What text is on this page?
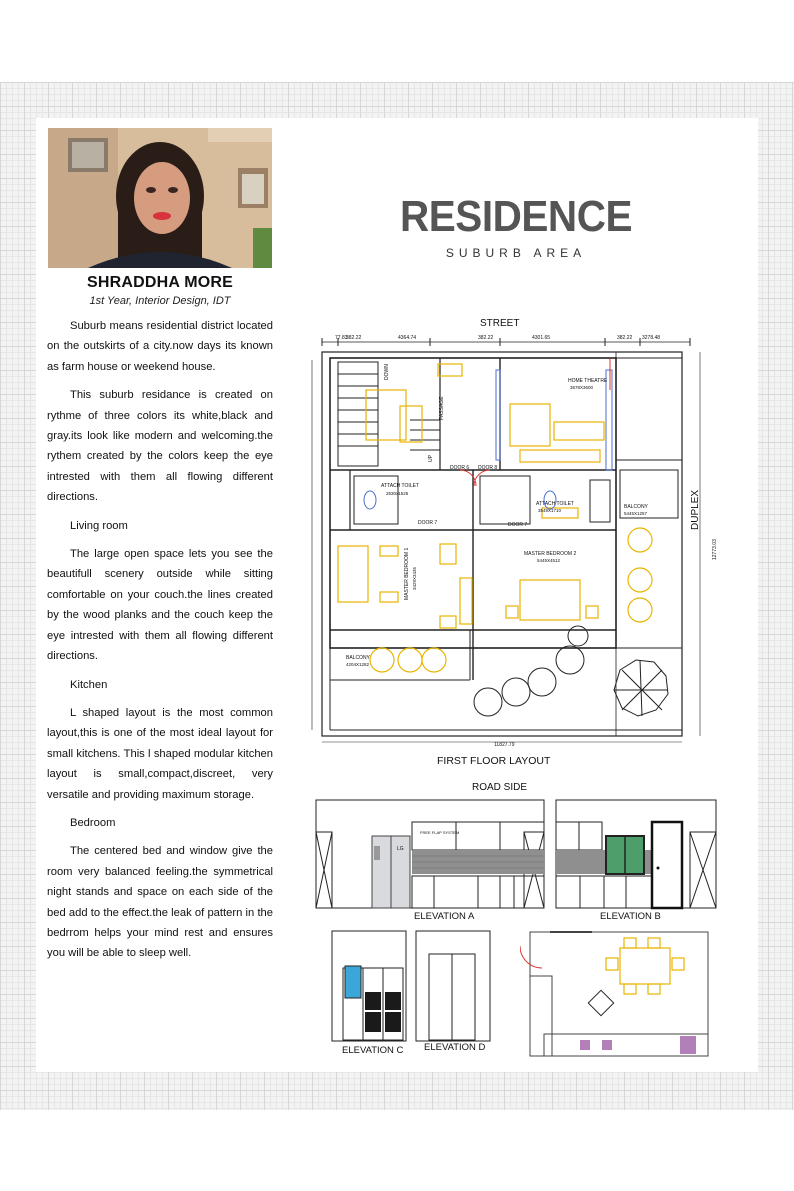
SHRADDHA MORE
1st Year, Interior Design, IDT

Suburb means residential district located on the outskirts of a city.now days its known as farm house or weekend house.

This suburb residance is created on rythme of three colors its white,black and gray.its look like modern and welcoming.the rythem created by the colors keep the eye intrested with them all flowing different directions.

Living room

The large open space lets you see the beautifull scenery outside while sitting comfortable on your couch.the lines created by the wood planks and the couch keep the eye intrested with them all flowing different directions.

Kitchen

L shaped layout is the most common layout,this is one of the most ideal layout for small kitchens. This l shaped modular kitchen layout is small,compact,discreet, very versatile and providing maximum storage.

Bedroom

The centered bed and window give the room very balanced feeling.the symmetrical night stands and space on each side of the bed add to the effect.the leak of pattern in the bedrrom helps your mind rest and ensures you will be able to sleep well.

RESIDENCE
SUBURB AREA
STREET
FIRST FLOOR LAYOUT
ROAD SIDE
DUPLEX
77.83
382.22	4364.74	382.22	4301.65	382.22 3278.48
11827.79
12773.03
HOME THEATRE
3678X3600
PASSAGE
ATTACH TOILET
2530x1525
ATTACH TOILET
3549X1710
BALCONY
5445X1257
MASTER BEDROOM 1 3429X3435
MASTER BEDROOM 2
5445X4512
BALCONY
4204X1282
DOOR 6 DOOR 8
DOOR 7	DOOR 7
DOWN
UP
ELEVATION A
FREE FLAP SYSTEM
LG
ELEVATION B
ELEVATION C ELEVATION D
